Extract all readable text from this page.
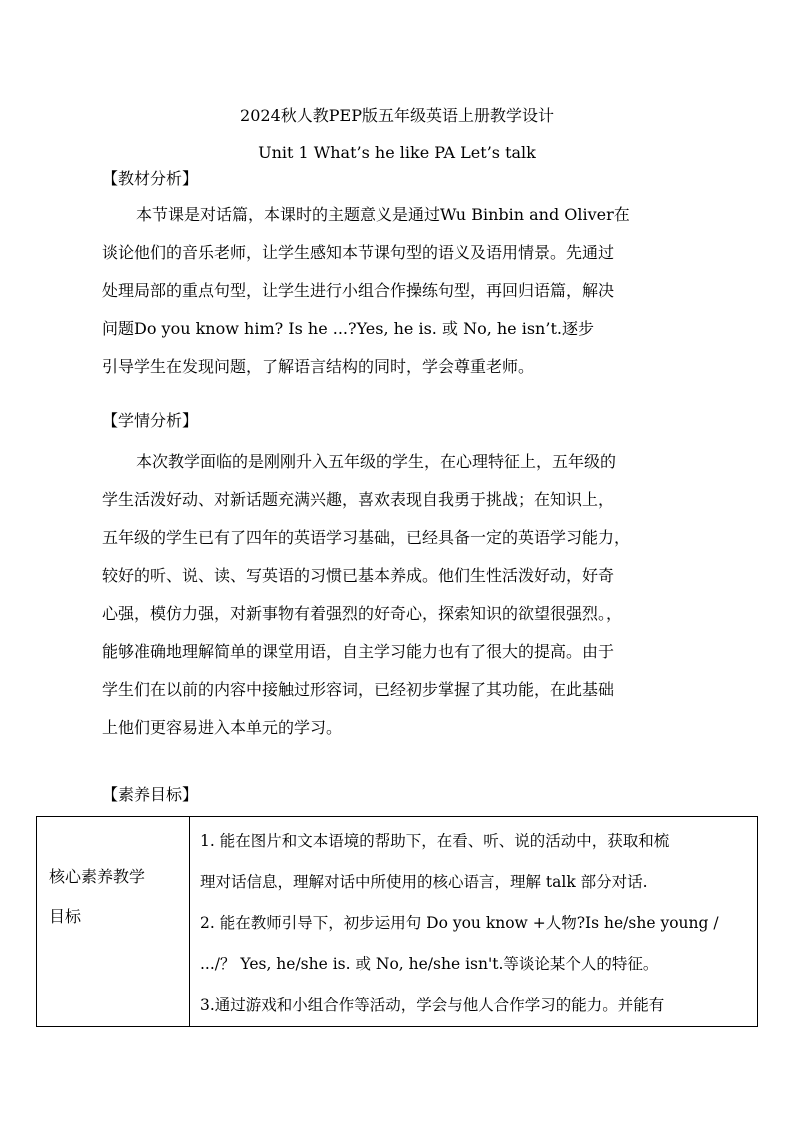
2024秋人教PEP版五年级英语上册教学设计
Unit 1 What’s he like PA Let’s talk
【教材分析】
本节课是对话篇，本课时的主题意义是通过Wu Binbin and Oliver在
谈论他们的音乐老师，让学生感知本节课句型的语义及语用情景。先通过
处理局部的重点句型，让学生进行小组合作操练句型，再回归语篇，解决
问题Do you know him? Is he ...?Yes, he is. 或 No, he isn’t.逐步
引导学生在发现问题，了解语言结构的同时，学会尊重老师。
【学情分析】
本次教学面临的是刚刚升入五年级的学生，在心理特征上，五年级的
学生活泼好动、对新话题充满兴趣，喜欢表现自我勇于挑战；在知识上，
五年级的学生已有了四年的英语学习基础，已经具备一定的英语学习能力，
较好的听、说、读、写英语的习惯已基本养成。他们生性活泼好动，好奇
心强，模仿力强，对新事物有着强烈的好奇心，探索知识的欲望很强烈。，
能够准确地理解简单的课堂用语，自主学习能力也有了很大的提高。由于
学生们在以前的内容中接触过形容词，已经初步掌握了其功能，在此基础
上他们更容易进入本单元的学习。
【素养目标】
核心素养教学
目标

1. 能在图片和文本语境的帮助下，在看、听、说的活动中，获取和梳
理对话信息，理解对话中所使用的核心语言，理解 talk 部分对话.
2. 能在教师引导下，初步运用句 Do you know +人物?Is he/she young /
.../？ Yes, he/she is. 或 No, he/she isn't.等谈论某个人的特征。
3.通过游戏和小组合作等活动，学会与他人合作学习的能力。并能有
